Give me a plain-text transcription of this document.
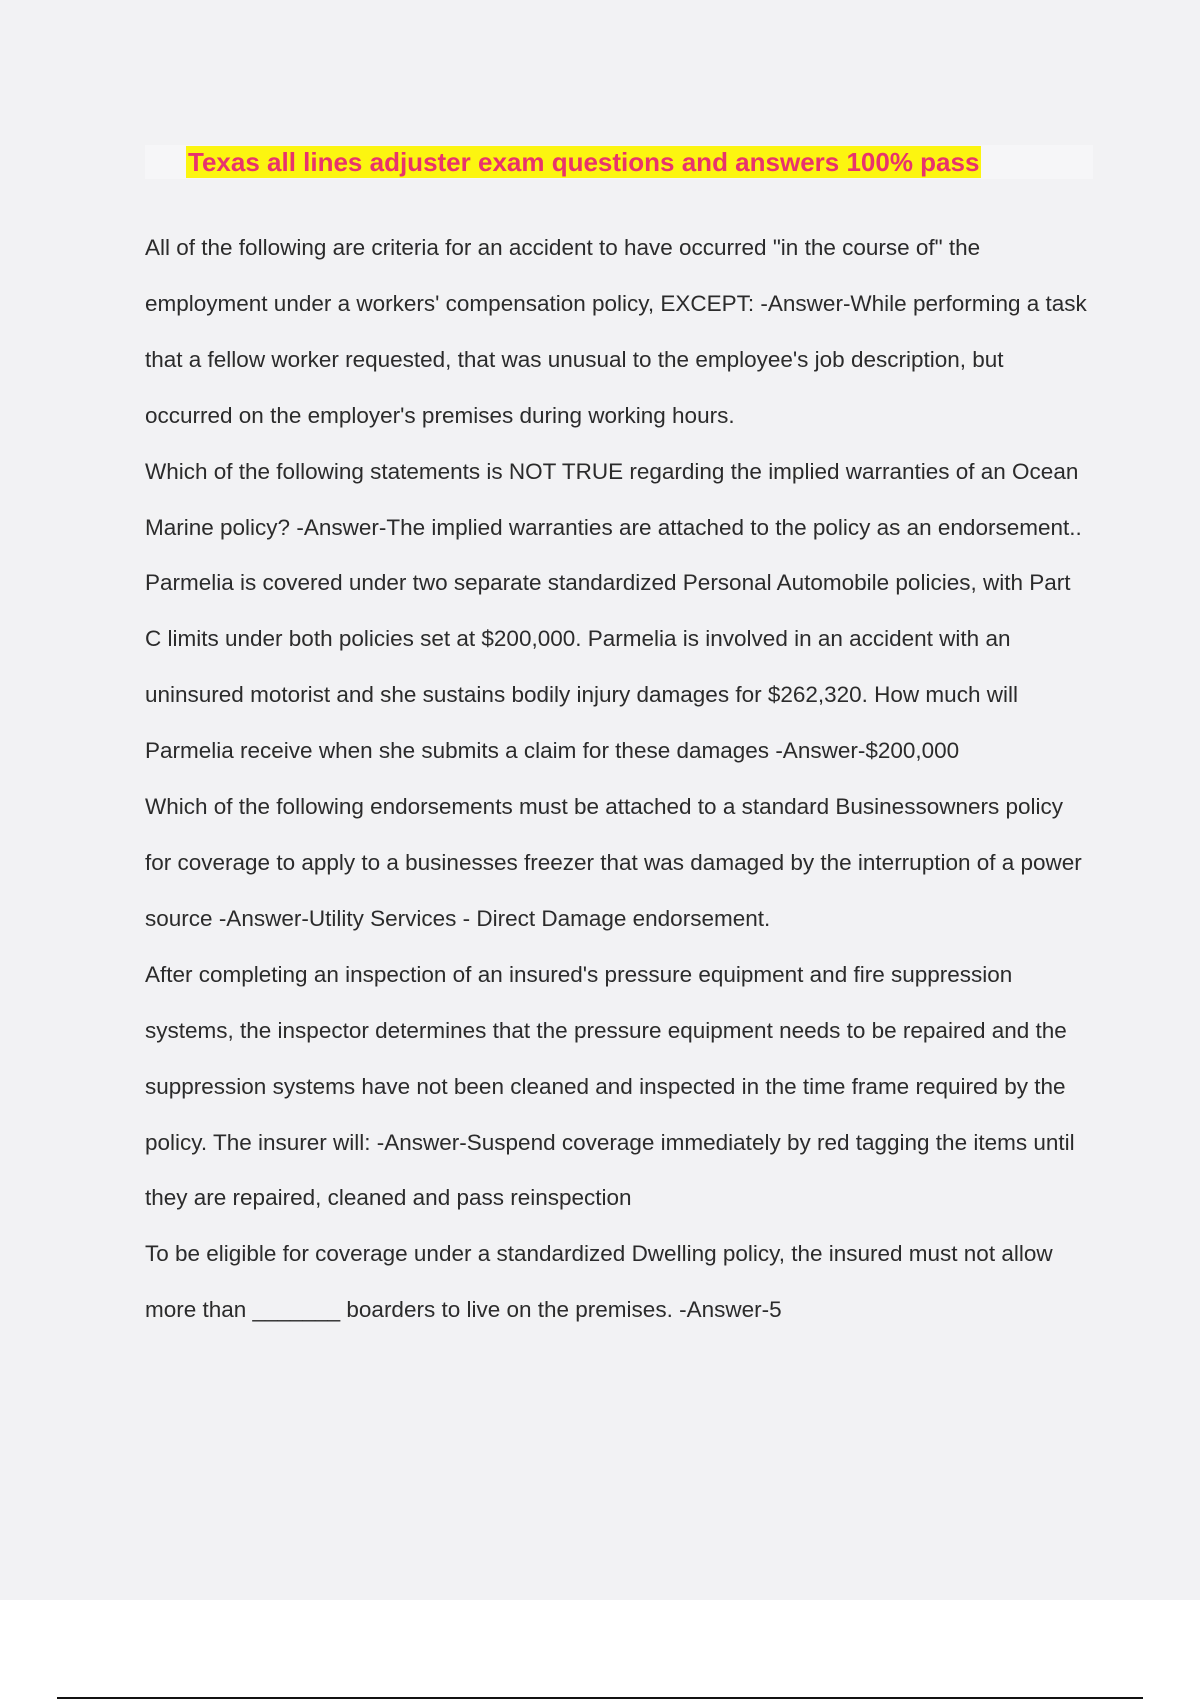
Texas all lines adjuster exam questions and answers 100% pass

All of the following are criteria for an accident to have occurred "in the course of" the employment under a workers' compensation policy, EXCEPT: -Answer-While performing a task that a fellow worker requested, that was unusual to the employee's job description, but occurred on the employer's premises during working hours.

Which of the following statements is NOT TRUE regarding the implied warranties of an Ocean Marine policy? -Answer-The implied warranties are attached to the policy as an endorsement..

Parmelia is covered under two separate standardized Personal Automobile policies, with Part C limits under both policies set at $200,000. Parmelia is involved in an accident with an uninsured motorist and she sustains bodily injury damages for $262,320. How much will Parmelia receive when she submits a claim for these damages -Answer-$200,000

Which of the following endorsements must be attached to a standard Businessowners policy for coverage to apply to a businesses freezer that was damaged by the interruption of a power source -Answer-Utility Services - Direct Damage endorsement.

After completing an inspection of an insured's pressure equipment and fire suppression systems, the inspector determines that the pressure equipment needs to be repaired and the suppression systems have not been cleaned and inspected in the time frame required by the policy. The insurer will: -Answer-Suspend coverage immediately by red tagging the items until they are repaired, cleaned and pass reinspection

To be eligible for coverage under a standardized Dwelling policy, the insured must not allow more than _______ boarders to live on the premises. -Answer-5
